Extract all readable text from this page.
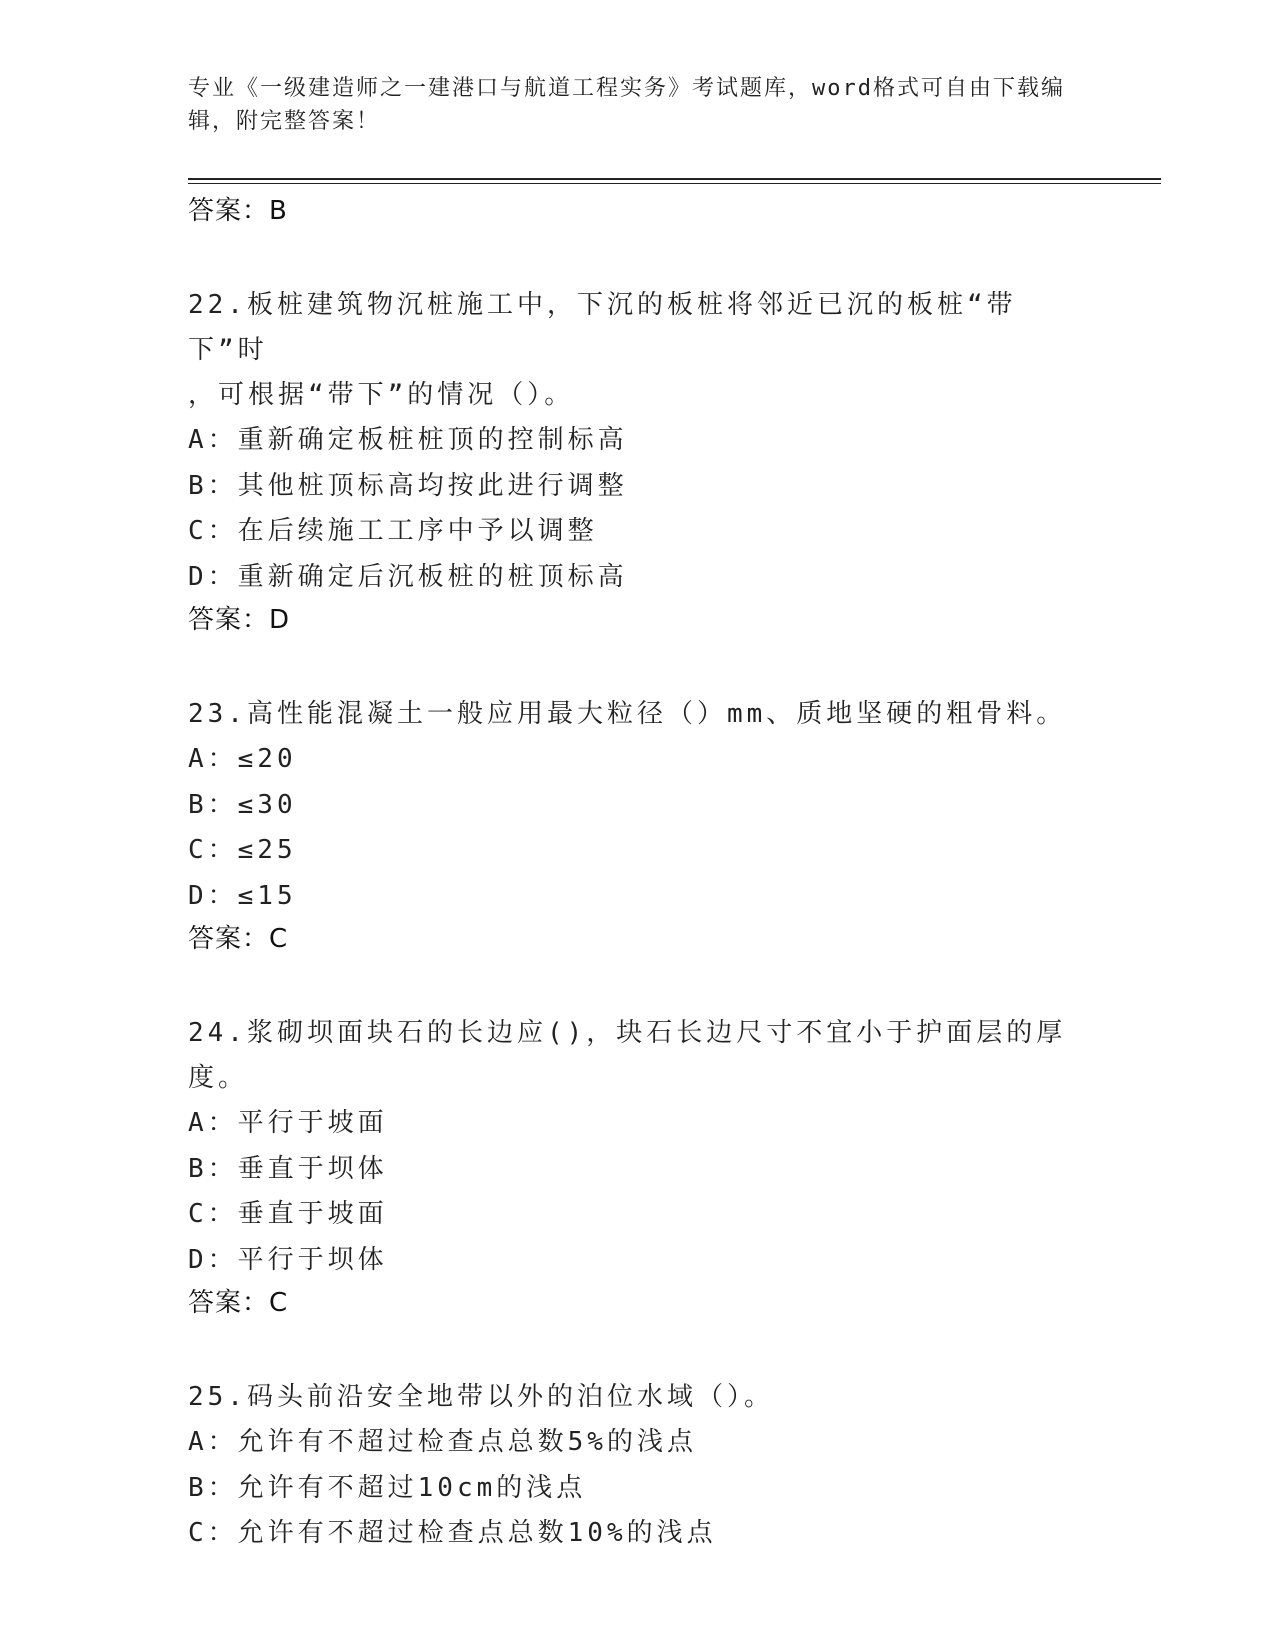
专业《一级建造师之一建港口与航道工程实务》考试题库，word格式可自由下载编辑，附完整答案！
答案：B
22.板桩建筑物沉桩施工中，下沉的板桩将邻近已沉的板桩“带下”时
，可根据“带下”的情况（）。
A：重新确定板桩桩顶的控制标高
B：其他桩顶标高均按此进行调整
C：在后续施工工序中予以调整
D：重新确定后沉板桩的桩顶标高
答案：D
23.高性能混凝土一般应用最大粒径（）mm、质地坚硬的粗骨料。
A：≤20
B：≤30
C：≤25
D：≤15
答案：C
24.浆砌坝面块石的长边应()，块石长边尺寸不宜小于护面层的厚度。
A：平行于坡面
B：垂直于坝体
C：垂直于坡面
D：平行于坝体
答案：C
25.码头前沿安全地带以外的泊位水域（）。
A：允许有不超过检查点总数5%的浅点
B：允许有不超过10cm的浅点
C：允许有不超过检查点总数10%的浅点
